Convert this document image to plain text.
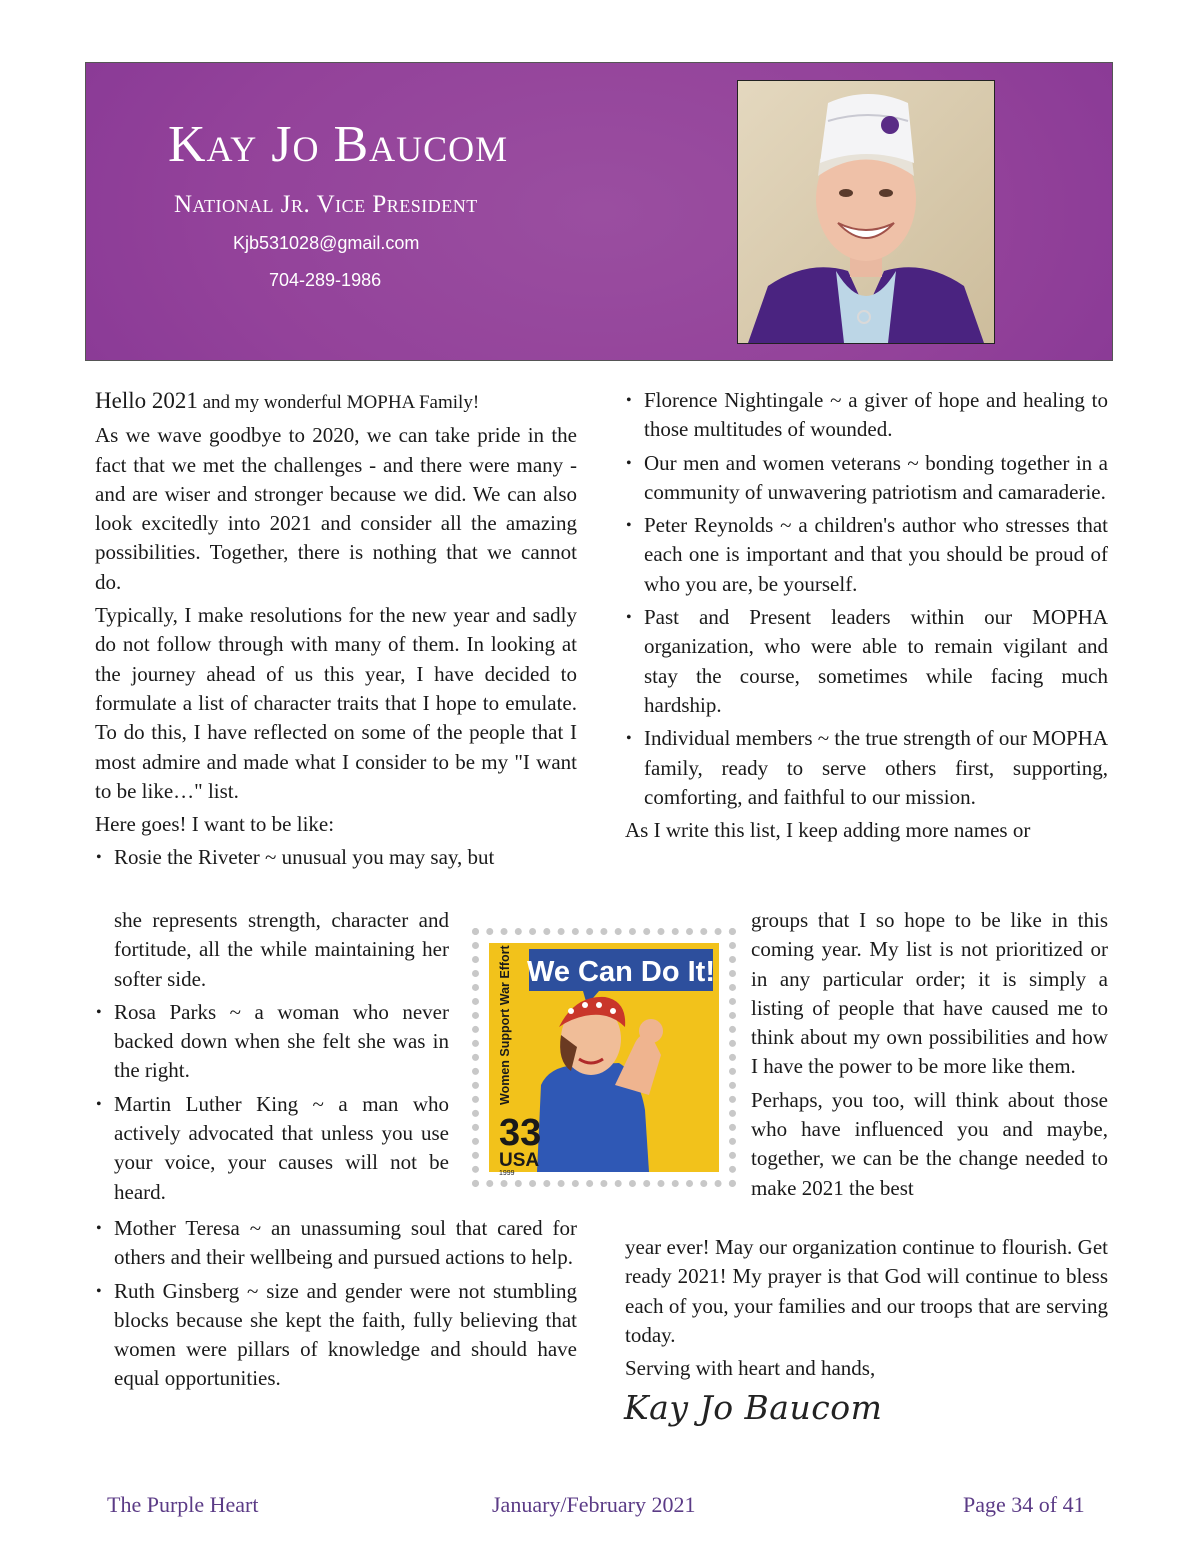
Kay Jo Baucom
National Jr. Vice President
Kjb531028@gmail.com
704-289-1986

Hello 2021 and my wonderful MOPHA Family!

As we wave goodbye to 2020, we can take pride in the fact that we met the challenges - and there were many - and are wiser and stronger because we did. We can also look excitedly into 2021 and consider all the amazing possibilities. Together, there is nothing that we cannot do.

Typically, I make resolutions for the new year and sadly do not follow through with many of them. In looking at the journey ahead of us this year, I have decided to formulate a list of character traits that I hope to emulate. To do this, I have reflected on some of the people that I most admire and made what I consider to be my "I want to be like…" list.

Here goes! I want to be like:

• Rosie the Riveter ~ unusual you may say, but

she represents strength, character and fortitude, all the while maintaining her softer side.

• Rosa Parks ~ a woman who never backed down when she felt she was in the right.

• Martin Luther King ~ a man who actively advocated that unless you use your voice, your causes will not be heard.

• Mother Teresa ~ an unassuming soul that cared for others and their wellbeing and pursued actions to help.

• Ruth Ginsberg ~ size and gender were not stumbling blocks because she kept the faith, fully believing that women were pillars of knowledge and should have equal opportunities.

Women Support War Effort We Can Do It!
33
USA
1999
• Florence Nightingale ~ a giver of hope and healing to those multitudes of wounded.

• Our men and women veterans ~ bonding together in a community of unwavering patriotism and camaraderie.

• Peter Reynolds ~ a children's author who stresses that each one is important and that you should be proud of who you are, be yourself.

• Past and Present leaders within our MOPHA organization, who were able to remain vigilant and stay the course, sometimes while facing much hardship.

• Individual members ~ the true strength of our MOPHA family, ready to serve others first, supporting, comforting, and faithful to our mission.

As I write this list, I keep adding more names or

groups that I so hope to be like in this coming year. My list is not prioritized or in any particular order; it is simply a listing of people that have caused me to think about my own possibilities and how I have the power to be more like them.

Perhaps, you too, will think about those who have influenced you and maybe, together, we can be the change needed to make 2021 the best

year ever! May our organization continue to flourish. Get ready 2021! My prayer is that God will continue to bless each of you, your families and our troops that are serving today.

Serving with heart and hands,

Kay Jo Baucom
The Purple Heart	January/February 2021	Page 34 of 41
